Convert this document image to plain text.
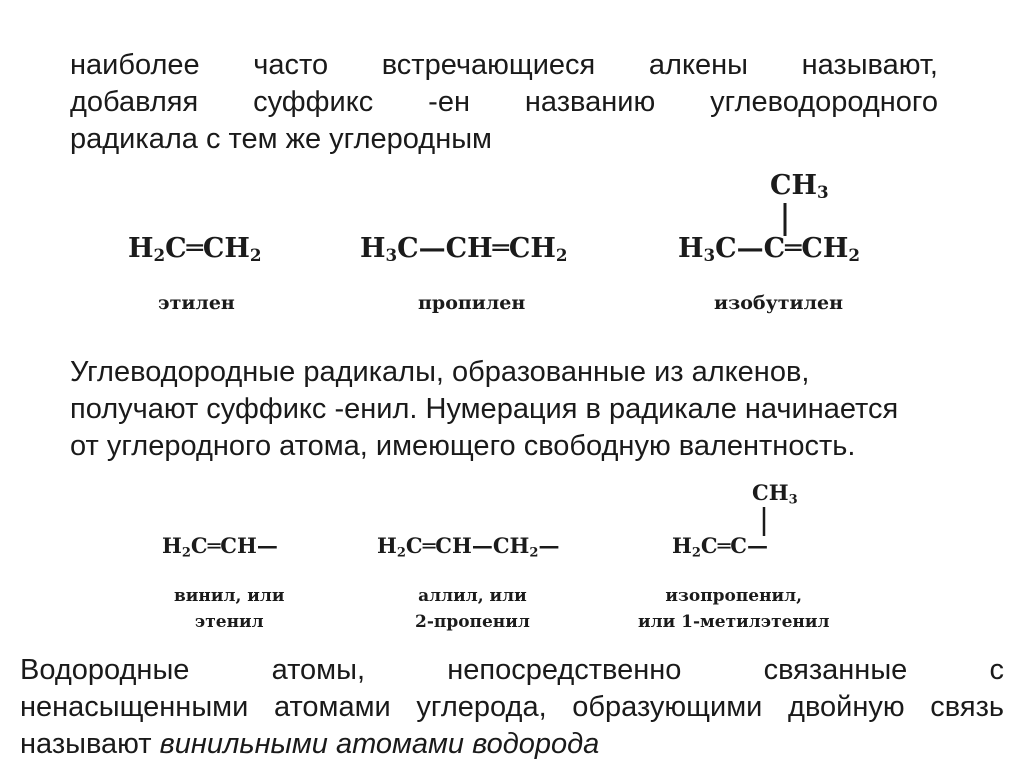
наиболее часто встречающиеся алкены называют,
добавляя суффикс -ен названию углеводородного
радикала с тем же углеродным
$H_2C═CH_2$
этилен
$H_3C—CH═CH_2$
пропилен
$CH_3$
$H_3C—C═CH_2$
изобутилен
Углеводородные радикалы, образованные из алкенов,
получают суффикс -енил. Нумерация в радикале начинается
от углеродного атома, имеющего свободную валентность.
$H_2C═CH—$
винил, или
этенил
$H_2C═CH—CH_2—$
аллил, или
2-пропенил
$CH_3$
$H_2C═C—$
изопропенил,
или 1-метилэтенил
Водородные атомы, непосредственно связанные с
ненасыщенными атомами углерода, образующими двойную связь
называют винильными атомами водорода
